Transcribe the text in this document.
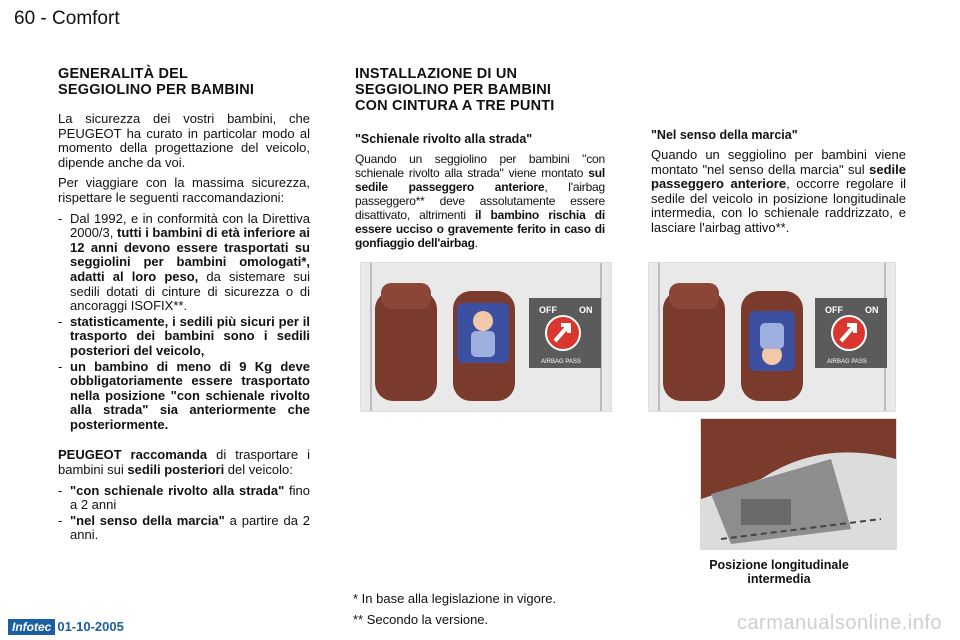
60 - Comfort
GENERALITÀ DEL
SEGGIOLINO PER BAMBINI

La sicurezza dei vostri bambini, che PEUGEOT ha curato in particolar modo al momento della progettazione del veicolo, dipende anche da voi.

Per viaggiare con la massima sicurezza, rispettare le seguenti raccomandazioni:

- Dal 1992, e in conformità con la Direttiva 2000/3, tutti i bambini di età inferiore ai 12 anni devono essere trasportati su seggiolini per bambini omologati*, adatti al loro peso, da sistemare sui sedili dotati di cinture di sicurezza o di ancoraggi ISOFIX**.
- statisticamente, i sedili più sicuri per il trasporto dei bambini sono i sedili posteriori del veicolo,
- un bambino di meno di 9 Kg deve obbligatoriamente essere trasportato nella posizione "con schienale rivolto alla strada" sia anteriormente che posteriormente.

PEUGEOT raccomanda di trasportare i bambini sui sedili posteriori del veicolo:

- "con schienale rivolto alla strada" fino a 2 anni
- "nel senso della marcia" a partire da 2 anni.
INSTALLAZIONE DI UN
SEGGIOLINO PER BAMBINI
CON CINTURA A TRE PUNTI
"Schienale rivolto alla strada"

Quando un seggiolino per bambini "con schienale rivolto alla strada" viene montato sul sedile passeggero anteriore, l'airbag passeggero** deve assolutamente essere disattivato, altrimenti il bambino rischia di essere ucciso o gravemente ferito in caso di gonfiaggio dell'airbag.

"Nel senso della marcia"

Quando un seggiolino per bambini viene montato "nel senso della marcia" sul sedile passeggero anteriore, occorre regolare il sedile del veicolo in posizione longitudinale intermedia, con lo schienale raddrizzato, e lasciare l'airbag attivo**.

OFF ON
AIRBAG PASS
OFF ON
AIRBAG PASS
Posizione longitudinale
intermedia
* In base alla legislazione in vigore.
** Secondo la versione.
Infotec 01-10-2005	carmanualsonline.info
